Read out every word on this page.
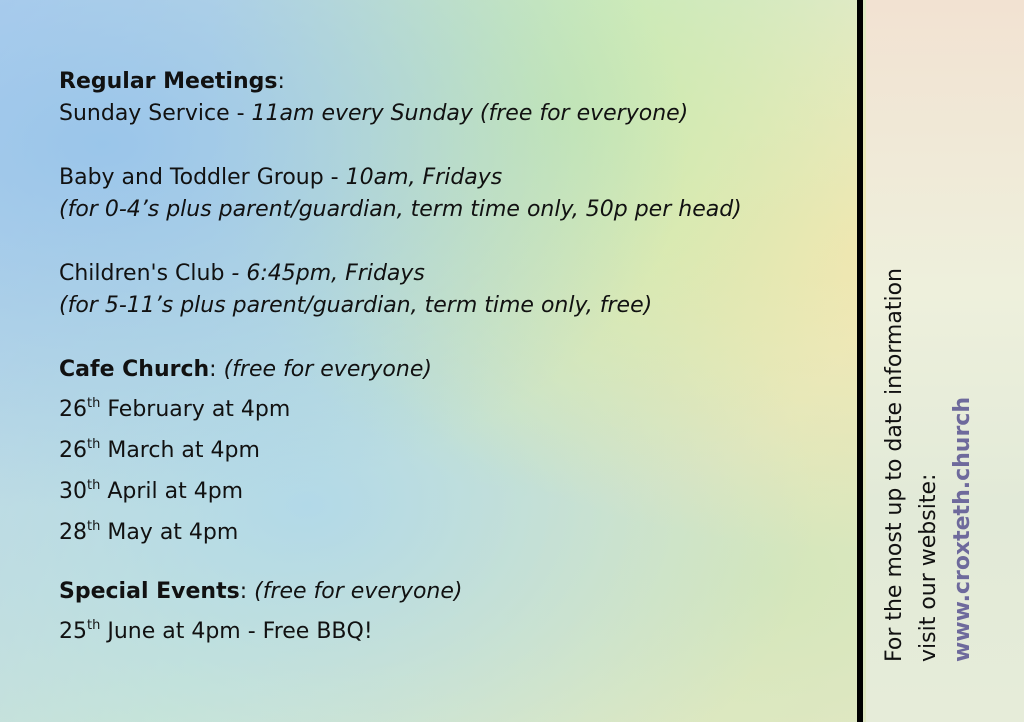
Regular Meetings:

Sunday Service - 11am every Sunday (free for everyone)

Baby and Toddler Group - 10am, Fridays

(for 0-4’s plus parent/guardian, term time only, 50p per head)

Children's Club - 6:45pm, Fridays

(for 5-11’s plus parent/guardian, term time only, free)

Cafe Church: (free for everyone)

26th February at 4pm

26th March at 4pm

30th April at 4pm

28th May at 4pm

Special Events: (free for everyone)

25th June at 4pm - Free BBQ!	For the most up to date information visit our website: www.croxteth.church
